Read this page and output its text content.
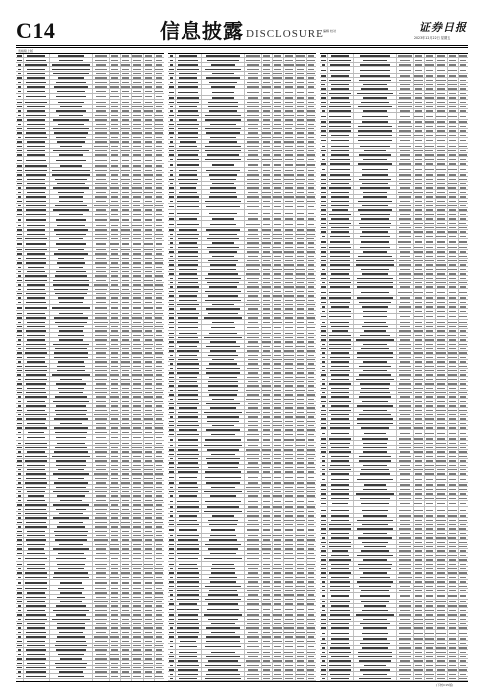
C14	信息披露 DISCLOSURE 编辑 校对	证券日报
2023年12月22日 星期五
表格续上版
(下转C15版)
